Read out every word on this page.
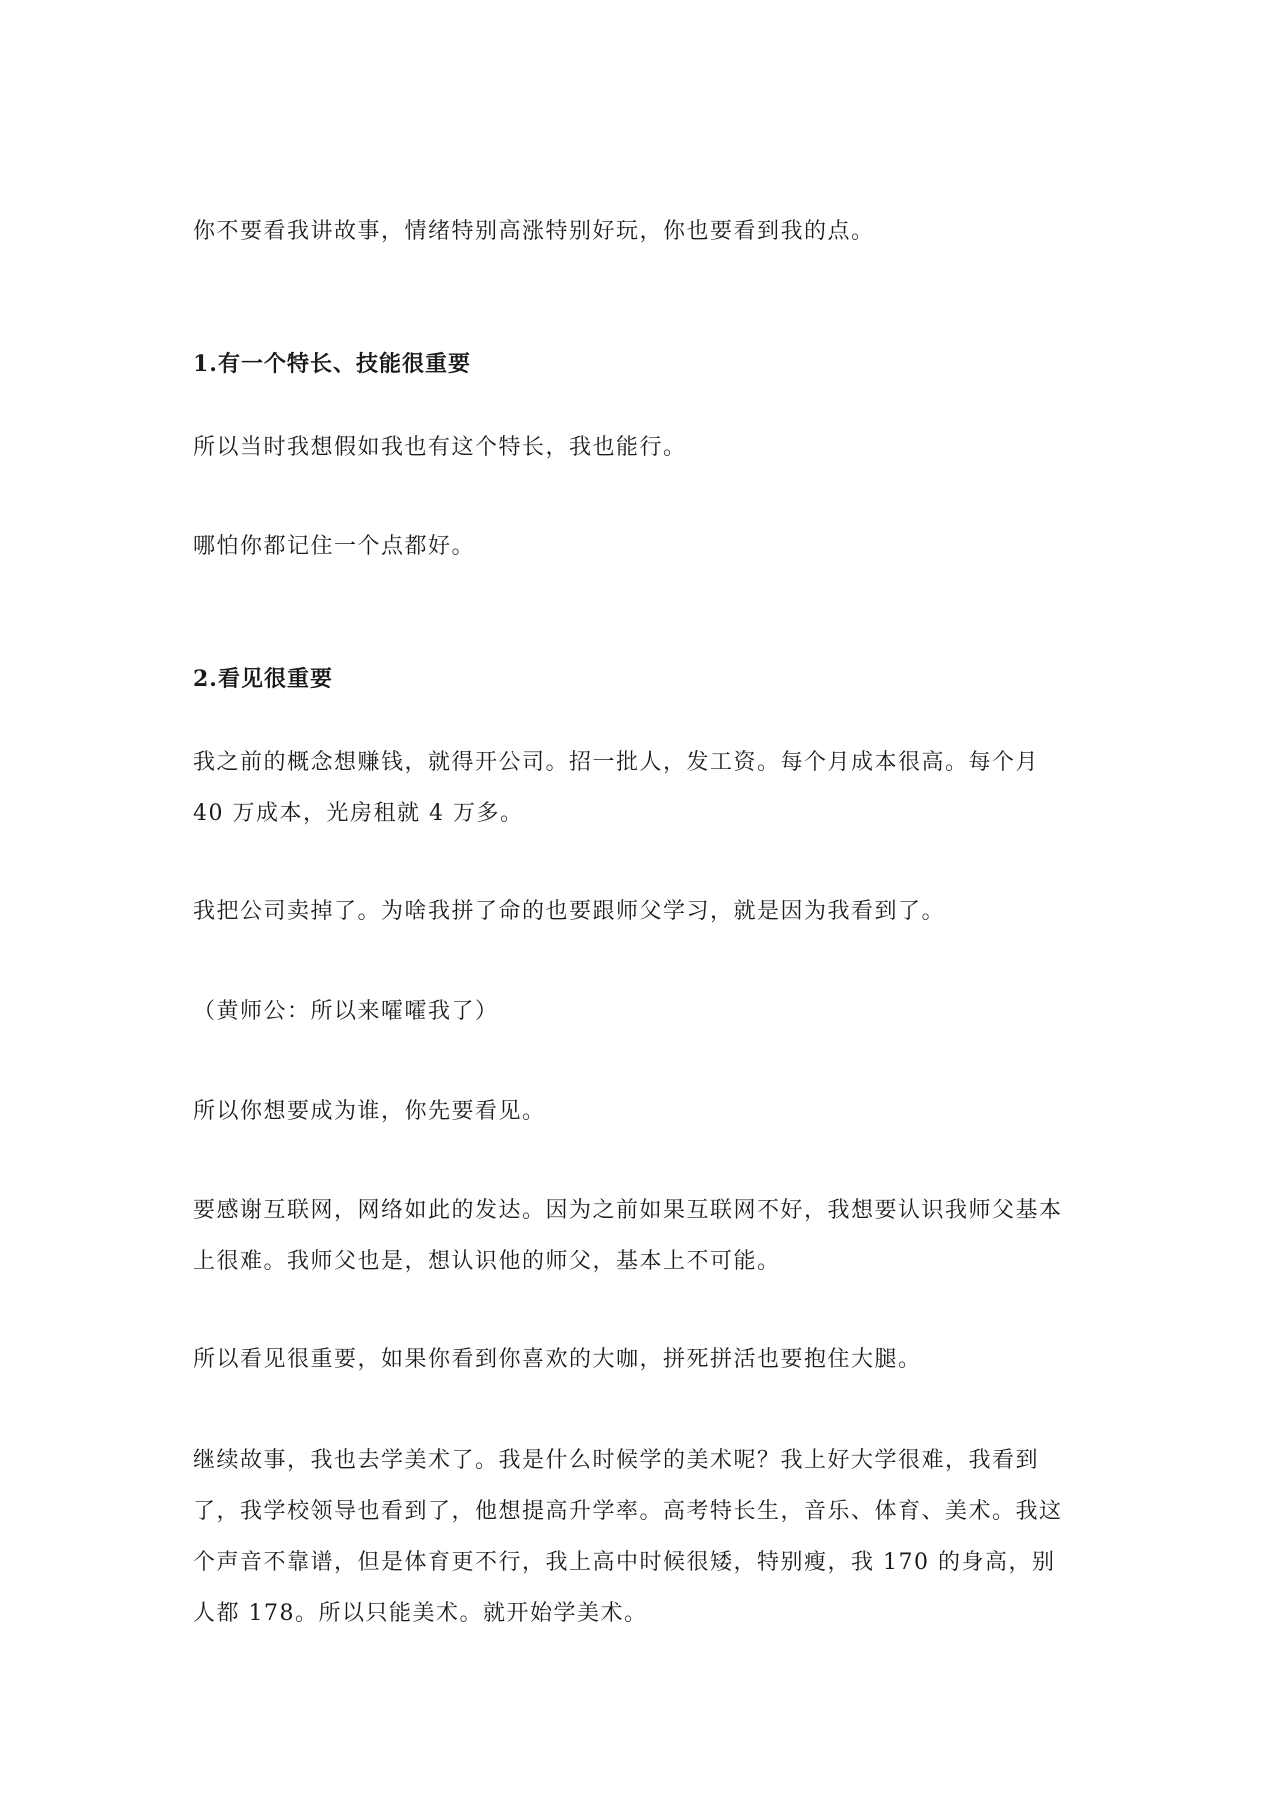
你不要看我讲故事，情绪特别高涨特别好玩，你也要看到我的点。

1.有一个特长、技能很重要

所以当时我想假如我也有这个特长，我也能行。

哪怕你都记住一个点都好。

2.看见很重要

我之前的概念想赚钱，就得开公司。招一批人，发工资。每个月成本很高。每个月 40 万成本，光房租就 4 万多。

我把公司卖掉了。为啥我拼了命的也要跟师父学习，就是因为我看到了。

（黄师公：所以来嚯嚯我了）

所以你想要成为谁，你先要看见。

要感谢互联网，网络如此的发达。因为之前如果互联网不好，我想要认识我师父基本上很难。我师父也是，想认识他的师父，基本上不可能。

所以看见很重要，如果你看到你喜欢的大咖，拼死拼活也要抱住大腿。

继续故事，我也去学美术了。我是什么时候学的美术呢？我上好大学很难，我看到了，我学校领导也看到了，他想提高升学率。高考特长生，音乐、体育、美术。我这个声音不靠谱，但是体育更不行，我上高中时候很矮，特别瘦，我 170 的身高，别人都 178。所以只能美术。就开始学美术。
